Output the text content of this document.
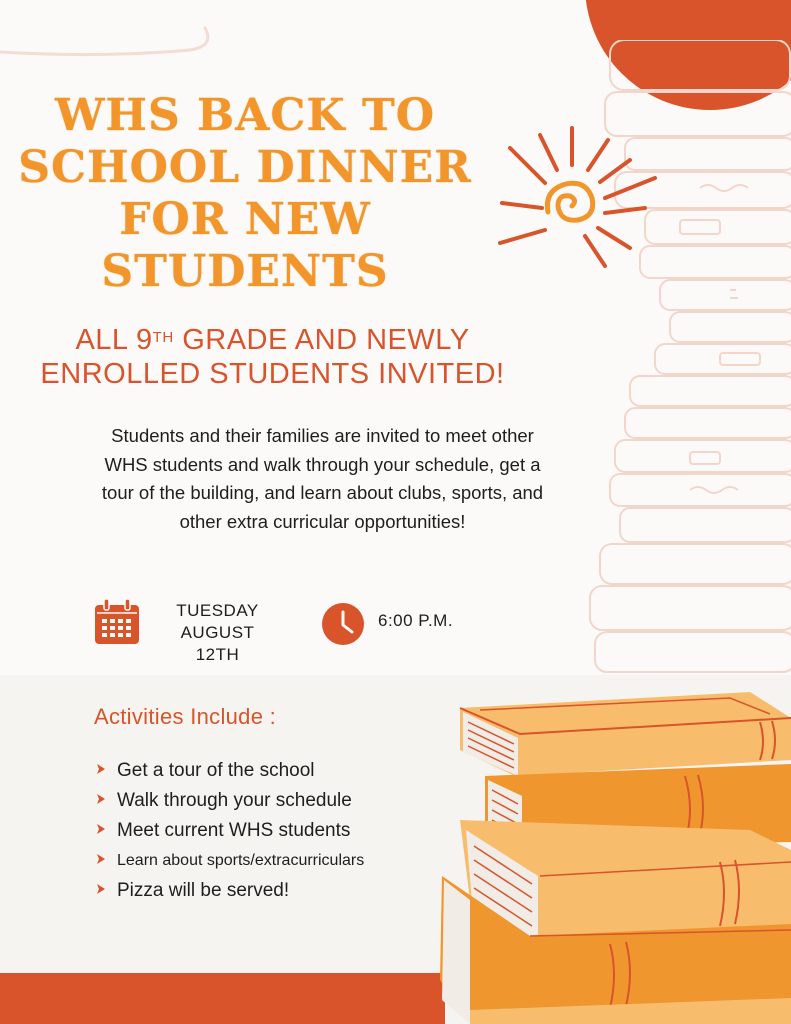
WHS BACK TO
SCHOOL DINNER
FOR NEW
STUDENTS

ALL 9TH GRADE AND NEWLY
ENROLLED STUDENTS INVITED!

Students and their families are invited to meet other WHS students and walk through your schedule, get a tour of the building, and learn about clubs, sports, and other extra curricular opportunities!

TUESDAY
AUGUST
12TH
6:00 P.M.
Activities Include :
Get a tour of the school
Walk through your schedule
Meet current WHS students
Learn about sports/extracurriculars
Pizza will be served!
